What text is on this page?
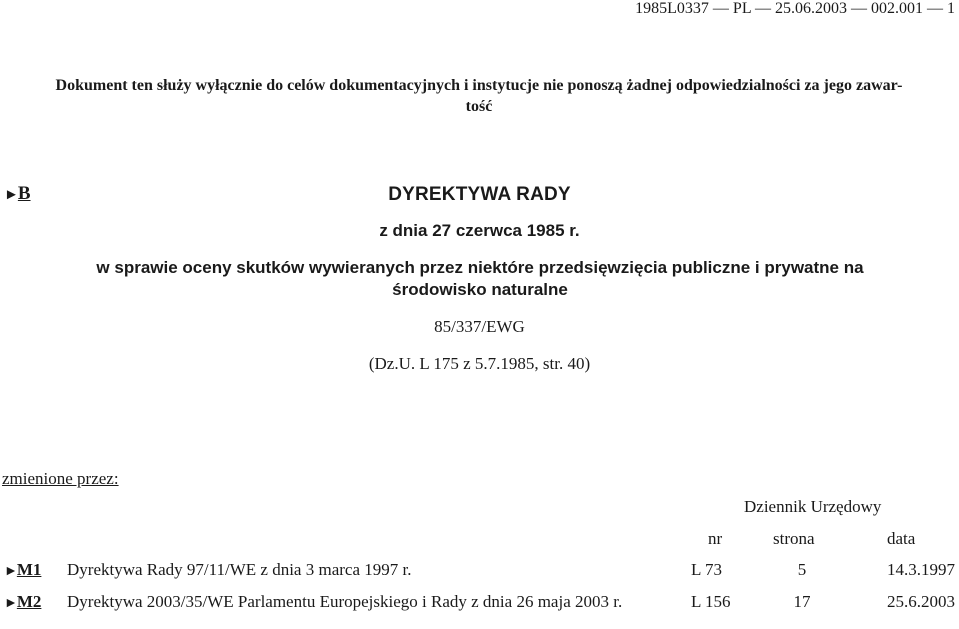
1985L0337 — PL — 25.06.2003 — 002.001 — 1
Dokument ten służy wyłącznie do celów dokumentacyjnych i instytucje nie ponoszą żadnej odpowiedzialności za jego zawar-
tość
►B	DYREKTYWA RADY
z dnia 27 czerwca 1985 r.
w sprawie oceny skutków wywieranych przez niektóre przedsięwzięcia publiczne i prywatne na
środowisko naturalne
85/337/EWG
(Dz.U. L 175 z 5.7.1985, str. 40)
zmienione przez:
Dziennik Urzędowy
nr	strona	data
►M1 Dyrektywa Rady 97/11/WE z dnia 3 marca 1997 r.	L 73	5	14.3.1997
►M2 Dyrektywa 2003/35/WE Parlamentu Europejskiego i Rady z dnia 26 maja 2003 r.	L 156	17	25.6.2003
